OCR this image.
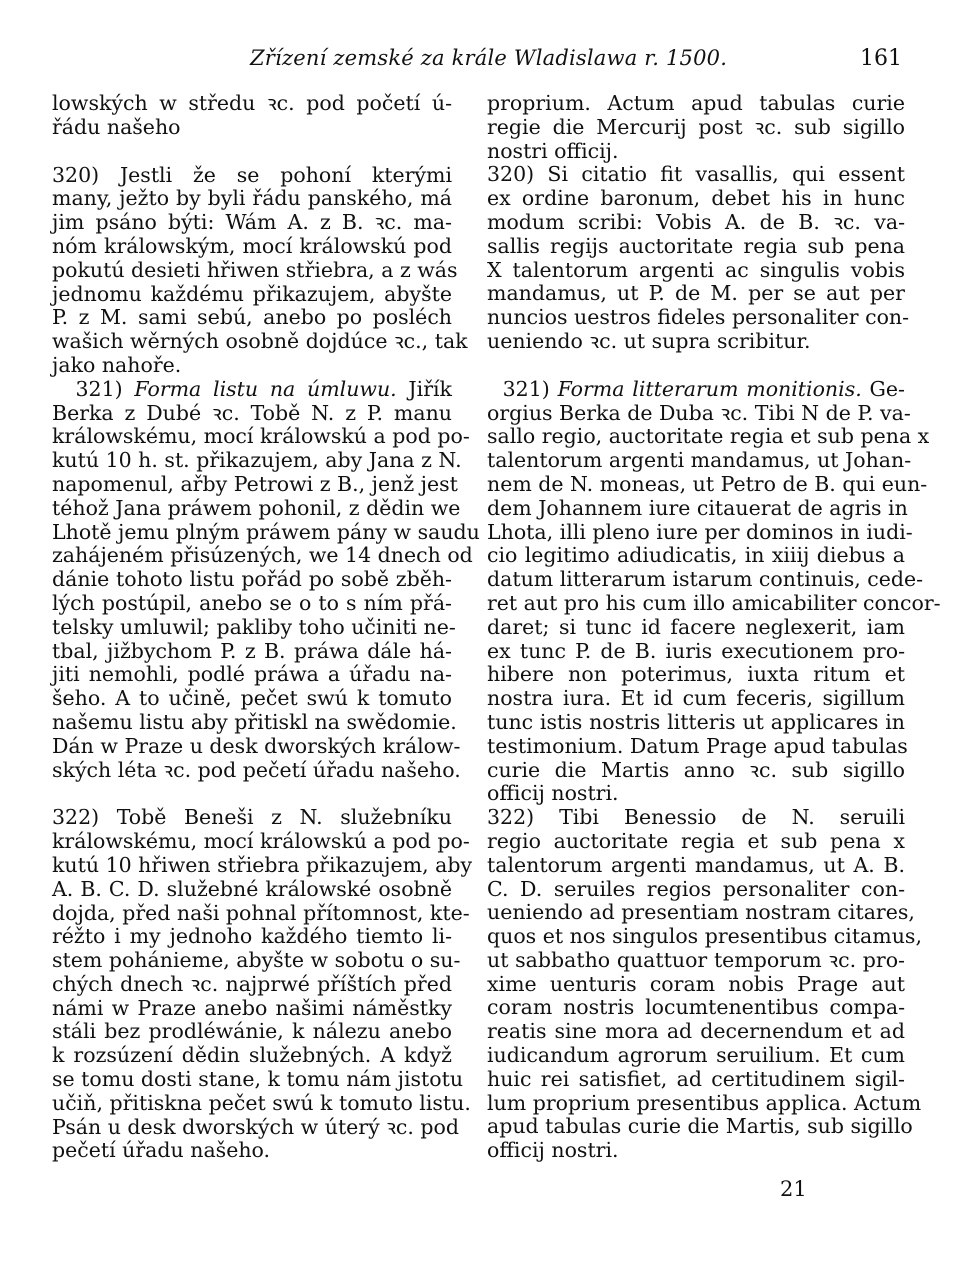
Zřízení zemské za krále Wladislawa r. 1500.	161
lowských w středu ꝛc. pod početí ú-
řádu našeho
320) Jestli že se pohoní kterými
many, ježto by byli řádu panského, má
jim psáno býti: Wám A. z B. ꝛc. ma-
nóm králowským, mocí králowskú pod
pokutú desieti hřiwen střiebra, a z wás
jednomu každému přikazujem, abyšte
P. z M. sami sebú, anebo po posléch
wašich wěrných osobně dojdúce ꝛc., tak
jako nahoře.
321) Forma listu na úmluwu. Jiřík
Berka z Dubé ꝛc. Tobě N. z P. manu
králowskému, mocí králowskú a pod po-
kutú 10 h. st. přikazujem, aby Jana z N.
napomenul, ařby Petrowi z B., jenž jest
téhož Jana práwem pohonil, z dědin we
Lhotě jemu plným práwem pány w saudu
zahájeném přisúzených, we 14 dnech od
dánie tohoto listu pořád po sobě zběh-
lých postúpil, anebo se o to s ním přá-
telsky umluwil; pakliby toho učiniti ne-
tbal, jižbychom P. z B. práwa dále há-
jiti nemohli, podlé práwa a úřadu na-
šeho. A to učině, pečet swú k tomuto
našemu listu aby přitiskl na swědomie.
Dán w Praze u desk dworských králow-
ských léta ꝛc. pod pečetí úřadu našeho.
322) Tobě Beneši z N. služebníku
králowskému, mocí králowskú a pod po-
kutú 10 hřiwen střiebra přikazujem, aby
A. B. C. D. služebné králowské osobně
dojda, před naši pohnal přítomnost, kte-
réžto i my jednoho každého tiemto li-
stem pohánieme, abyšte w sobotu o su-
chých dnech ꝛc. najprwé příštích před
námi w Praze anebo našimi náměstky
stáli bez prodléwánie, k nálezu anebo
k rozsúzení dědin služebných. A když
se tomu dosti stane, k tomu nám jistotu
učiň, přitiskna pečet swú k tomuto listu.
Psán u desk dworských w úterý ꝛc. pod
pečetí úřadu našeho.
proprium. Actum apud tabulas curie
regie die Mercurij post ꝛc. sub sigillo
nostri officij.
320) Si citatio fit vasallis, qui essent
ex ordine baronum, debet his in hunc
modum scribi: Vobis A. de B. ꝛc. va-
sallis regijs auctoritate regia sub pena
X talentorum argenti ac singulis vobis
mandamus, ut P. de M. per se aut per
nuncios uestros fideles personaliter con-
ueniendo ꝛc. ut supra scribitur.
321) Forma litterarum monitionis. Ge-
orgius Berka de Duba ꝛc. Tibi N de P. va-
sallo regio, auctoritate regia et sub pena x
talentorum argenti mandamus, ut Johan-
nem de N. moneas, ut Petro de B. qui eun-
dem Johannem iure citauerat de agris in
Lhota, illi pleno iure per dominos in iudi-
cio legitimo adiudicatis, in xiiij diebus a
datum litterarum istarum continuis, cede-
ret aut pro his cum illo amicabiliter concor-
daret; si tunc id facere neglexerit, iam
ex tunc P. de B. iuris executionem pro-
hibere non poterimus, iuxta ritum et
nostra iura. Et id cum feceris, sigillum
tunc istis nostris litteris ut applicares in
testimonium. Datum Prage apud tabulas
curie die Martis anno ꝛc. sub sigillo
officij nostri.
322) Tibi Benessio de N. seruili
regio auctoritate regia et sub pena x
talentorum argenti mandamus, ut A. B.
C. D. seruiles regios personaliter con-
ueniendo ad presentiam nostram citares,
quos et nos singulos presentibus citamus,
ut sabbatho quattuor temporum ꝛc. pro-
xime uenturis coram nobis Prage aut
coram nostris locumtenentibus compa-
reatis sine mora ad decernendum et ad
iudicandum agrorum seruilium. Et cum
huic rei satisfiet, ad certitudinem sigil-
lum proprium presentibus applica. Actum
apud tabulas curie die Martis, sub sigillo
officij nostri.
21
